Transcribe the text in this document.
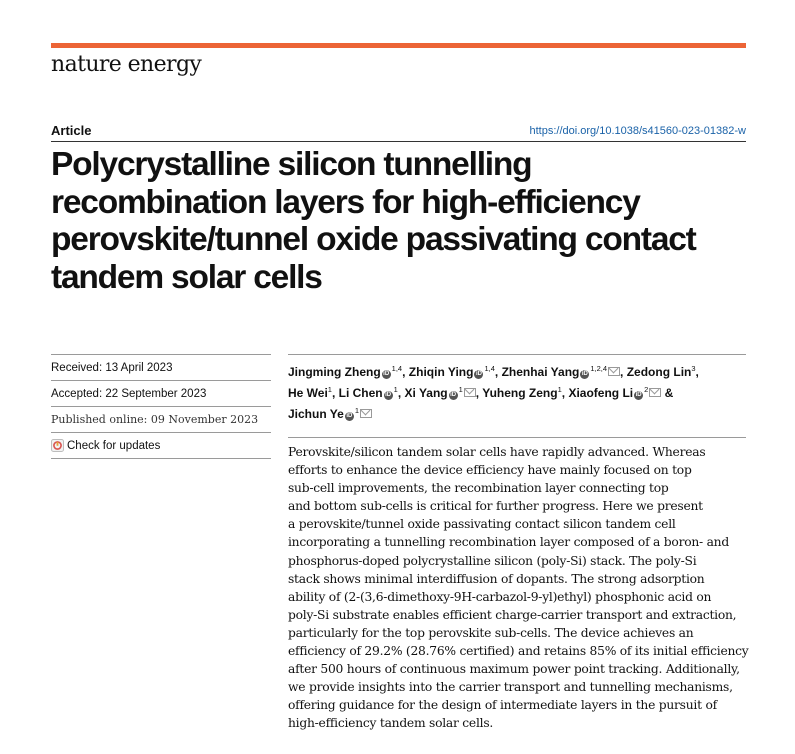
nature energy
Article	https://doi.org/10.1038/s41560-023-01382-w
Polycrystalline silicon tunnelling
recombination layers for high-efficiency
perovskite/tunnel oxide passivating contact
tandem solar cells
Received: 13 April 2023
Accepted: 22 September 2023
Published online: 09 November 2023
Check for updates
Jingming Zheng iD$^{1,4}$, Zhiqin Ying iD$^{1,4}$, Zhenhai Yang iD$^{1,2,4}$ , Zedong Lin$^3$,
He Wei$^1$, Li Chen $iD^1$, Xi Yang $iD^1$ , Yuheng Zeng$^1$, Xiaofeng Li $iD^2$ &
Jichun Ye $iD^1$
Perovskite/silicon tandem solar cells have rapidly advanced. Whereas
efforts to enhance the device efficiency have mainly focused on top
sub-cell improvements, the recombination layer connecting top
and bottom sub-cells is critical for further progress. Here we present
a perovskite/tunnel oxide passivating contact silicon tandem cell
incorporating a tunnelling recombination layer composed of a boron- and
phosphorus-doped polycrystalline silicon (poly-Si) stack. The poly-Si
stack shows minimal interdiffusion of dopants. The strong adsorption
ability of (2-(3,6-dimethoxy-9H-carbazol-9-yl)ethyl) phosphonic acid on
poly-Si substrate enables efficient charge-carrier transport and extraction,
particularly for the top perovskite sub-cells. The device achieves an
efficiency of 29.2% (28.76% certified) and retains 85% of its initial efficiency
after 500 hours of continuous maximum power point tracking. Additionally,
we provide insights into the carrier transport and tunnelling mechanisms,
offering guidance for the design of intermediate layers in the pursuit of
high-efficiency tandem solar cells.
